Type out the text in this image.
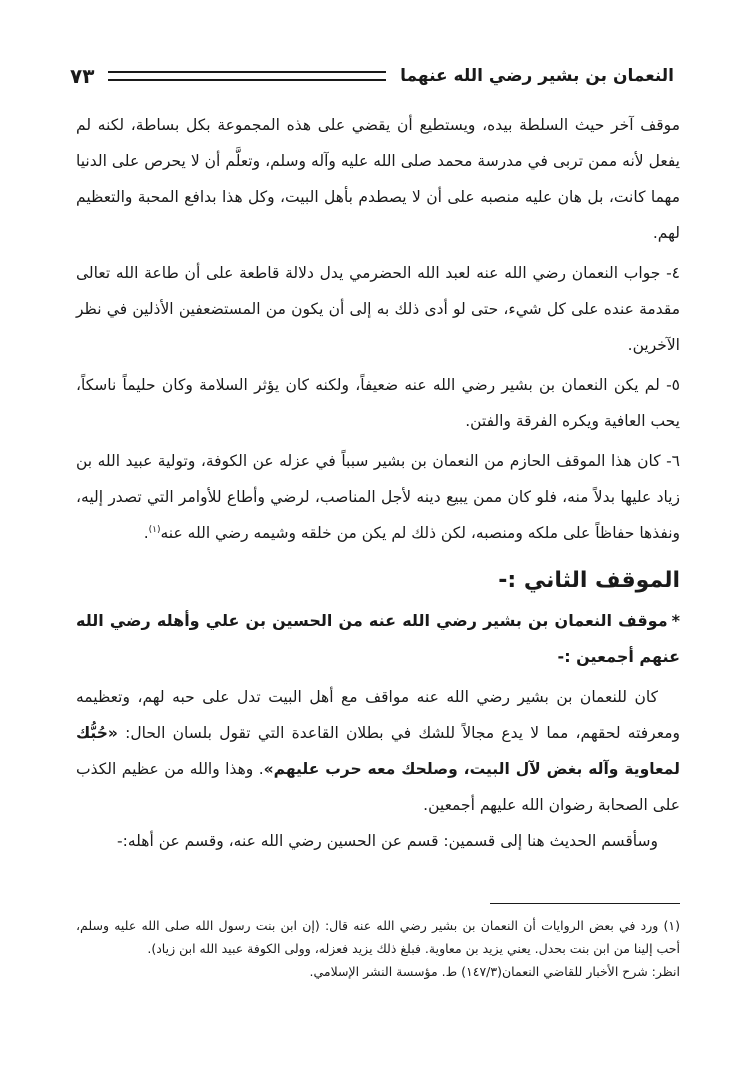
النعمان بن بشير رضي الله عنهما
٧٣

موقف آخر حيث السلطة بيده، ويستطيع أن يقضي على هذه المجموعة بكل بساطة، لكنه لم يفعل لأنه ممن تربى في مدرسة محمد صلى الله عليه وآله وسلم، وتعلَّم أن لا يحرص على الدنيا مهما كانت، بل هان عليه منصبه على أن لا يصطدم بأهل البيت، وكل هذا بدافع المحبة والتعظيم لهم.

٤- جواب النعمان رضي الله عنه لعبد الله الحضرمي يدل دلالة قاطعة على أن طاعة الله تعالى مقدمة عنده على كل شيء، حتى لو أدى ذلك به إلى أن يكون من المستضعفين الأذلين في نظر الآخرين.

٥- لم يكن النعمان بن بشير رضي الله عنه ضعيفاً، ولكنه كان يؤثر السلامة وكان حليماً ناسكاً، يحب العافية ويكره الفرقة والفتن.

٦- كان هذا الموقف الحازم من النعمان بن بشير سبباً في عزله عن الكوفة، وتولية عبيد الله بن زياد عليها بدلاً منه، فلو كان ممن يبيع دينه لأجل المناصب، لرضي وأطاع للأوامر التي تصدر إليه، ونفذها حفاظاً على ملكه ومنصبه، لكن ذلك لم يكن من خلقه وشيمه رضي الله عنه$^{(١)}$.

الموقف الثاني :-

*موقف النعمان بن بشير رضي الله عنه من الحسين بن علي وأهله رضي الله عنهم أجمعين :-

كان للنعمان بن بشير رضي الله عنه مواقف مع أهل البيت تدل على حبه لهم، وتعظيمه ومعرفته لحقهم، مما لا يدع مجالاً للشك في بطلان القاعدة التي تقول بلسان الحال: «حُبُّك لمعاوية وآله بغض لآل البيت، وصلحك معه حرب عليهم». وهذا والله من عظيم الكذب على الصحابة رضوان الله عليهم أجمعين.

وسأقسم الحديث هنا إلى قسمين: قسم عن الحسين رضي الله عنه، وقسم عن أهله:-

(١) ورد في بعض الروايات أن النعمان بن بشير رضي الله عنه قال: (إن ابن بنت رسول الله صلى الله عليه وسلم، أحب إلينا من ابن بنت بحدل. يعني يزيد بن معاوية. فبلغ ذلك يزيد فعزله، وولى الكوفة عبيد الله ابن زياد).

انظر: شرح الأخبار للقاضي النعمان(١٤٧/٣) ط. مؤسسة النشر الإسلامي.
